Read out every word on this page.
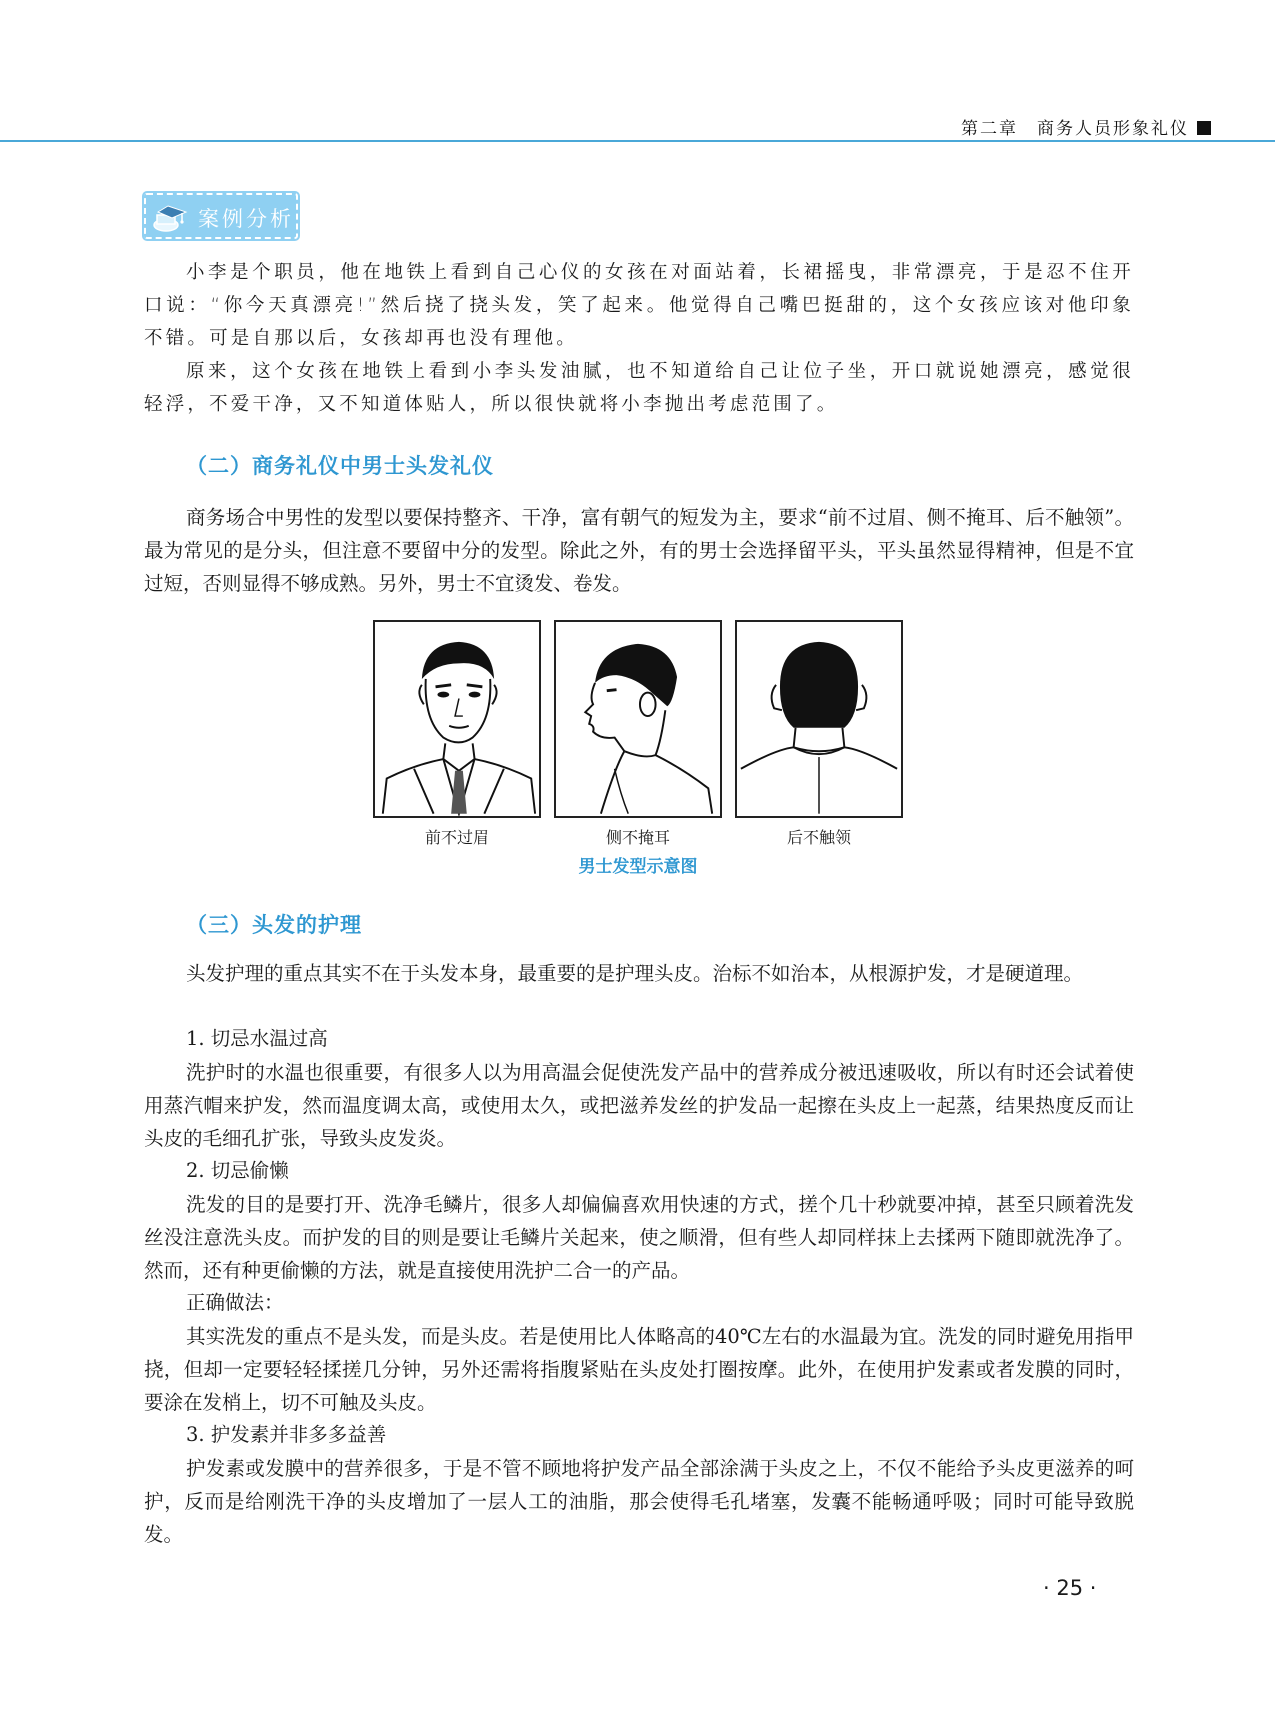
第二章　商务人员形象礼仪
案例分析

小李是个职员，他在地铁上看到自己心仪的女孩在对面站着，长裙摇曳，非常漂亮，于是忍不住开口说：“你今天真漂亮!”然后挠了挠头发，笑了起来。他觉得自己嘴巴挺甜的，这个女孩应该对他印象不错。可是自那以后，女孩却再也没有理他。

原来，这个女孩在地铁上看到小李头发油腻，也不知道给自己让位子坐，开口就说她漂亮，感觉很轻浮，不爱干净，又不知道体贴人，所以很快就将小李抛出考虑范围了。

（二）商务礼仪中男士头发礼仪

商务场合中男性的发型以要保持整齐、干净，富有朝气的短发为主，要求“前不过眉、侧不掩耳、后不触领”。最为常见的是分头，但注意不要留中分的发型。除此之外，有的男士会选择留平头，平头虽然显得精神，但是不宜过短，否则显得不够成熟。另外，男士不宜烫发、卷发。

前不过眉	侧不掩耳	后不触领
男士发型示意图
（三）头发的护理

头发护理的重点其实不在于头发本身，最重要的是护理头皮。治标不如治本，从根源护发，才是硬道理。

1. 切忌水温过高

洗护时的水温也很重要，有很多人以为用高温会促使洗发产品中的营养成分被迅速吸收，所以有时还会试着使用蒸汽帽来护发，然而温度调太高，或使用太久，或把滋养发丝的护发品一起擦在头皮上一起蒸，结果热度反而让头皮的毛细孔扩张，导致头皮发炎。

2. 切忌偷懒

洗发的目的是要打开、洗净毛鳞片，很多人却偏偏喜欢用快速的方式，搓个几十秒就要冲掉，甚至只顾着洗发丝没注意洗头皮。而护发的目的则是要让毛鳞片关起来，使之顺滑，但有些人却同样抹上去揉两下随即就洗净了。然而，还有种更偷懒的方法，就是直接使用洗护二合一的产品。

正确做法：

其实洗发的重点不是头发，而是头皮。若是使用比人体略高的40℃左右的水温最为宜。洗发的同时避免用指甲挠，但却一定要轻轻揉搓几分钟，另外还需将指腹紧贴在头皮处打圈按摩。此外，在使用护发素或者发膜的同时，要涂在发梢上，切不可触及头皮。

3. 护发素并非多多益善

护发素或发膜中的营养很多，于是不管不顾地将护发产品全部涂满于头皮之上，不仅不能给予头皮更滋养的呵护，反而是给刚洗干净的头皮增加了一层人工的油脂，那会使得毛孔堵塞，发囊不能畅通呼吸；同时可能导致脱发。

· 25 ·
